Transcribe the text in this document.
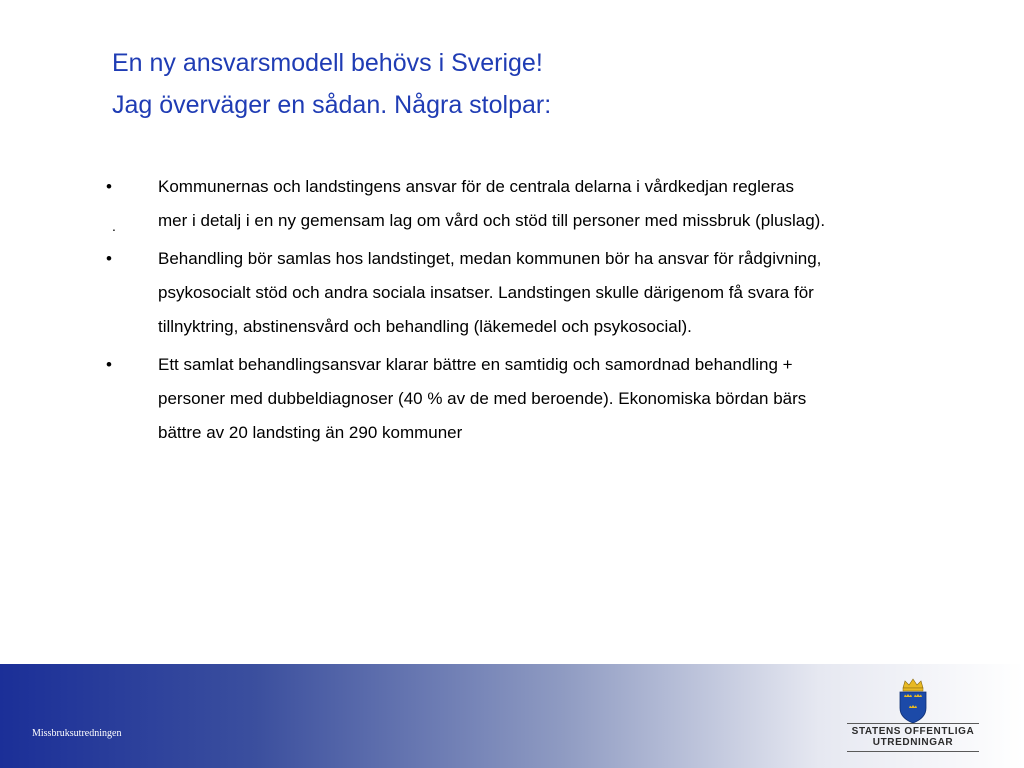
En ny ansvarsmodell behövs i Sverige!
Jag överväger en sådan. Några stolpar:
•	Kommunernas och landstingens ansvar för de centrala delarna i vårdkedjan regleras
mer i detalj i en ny gemensam lag om vård och stöd till personer med missbruk (pluslag).
•	Behandling bör samlas hos landstinget, medan kommunen bör ha ansvar för rådgivning,
psykosocialt stöd och andra sociala insatser. Landstingen skulle därigenom få svara för
tillnyktring, abstinensvård och behandling (läkemedel och psykosocial).
•	Ett samlat behandlingsansvar klarar bättre en samtidig och samordnad behandling +
personer med dubbeldiagnoser (40 % av de med beroende). Ekonomiska bördan bärs
bättre av 20 landsting än 290 kommuner
.
Missbruksutredningen	STATENS OFFENTLIGA
UTREDNINGAR
